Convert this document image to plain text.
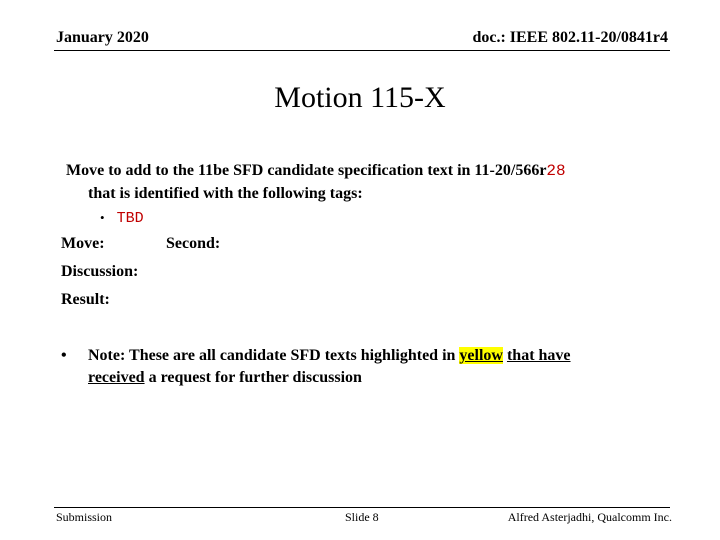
January 2020	doc.: IEEE 802.11-20/0841r4
Motion 115-X
Move to add to the 11be SFD candidate specification text in 11-20/566r28
that is identified with the following tags:
• TBD
Move:	Second:
Discussion:
Result:
• Note: These are all candidate SFD texts highlighted in yellow that have
received a request for further discussion
Submission	Slide 8	Alfred Asterjadhi, Qualcomm Inc.
